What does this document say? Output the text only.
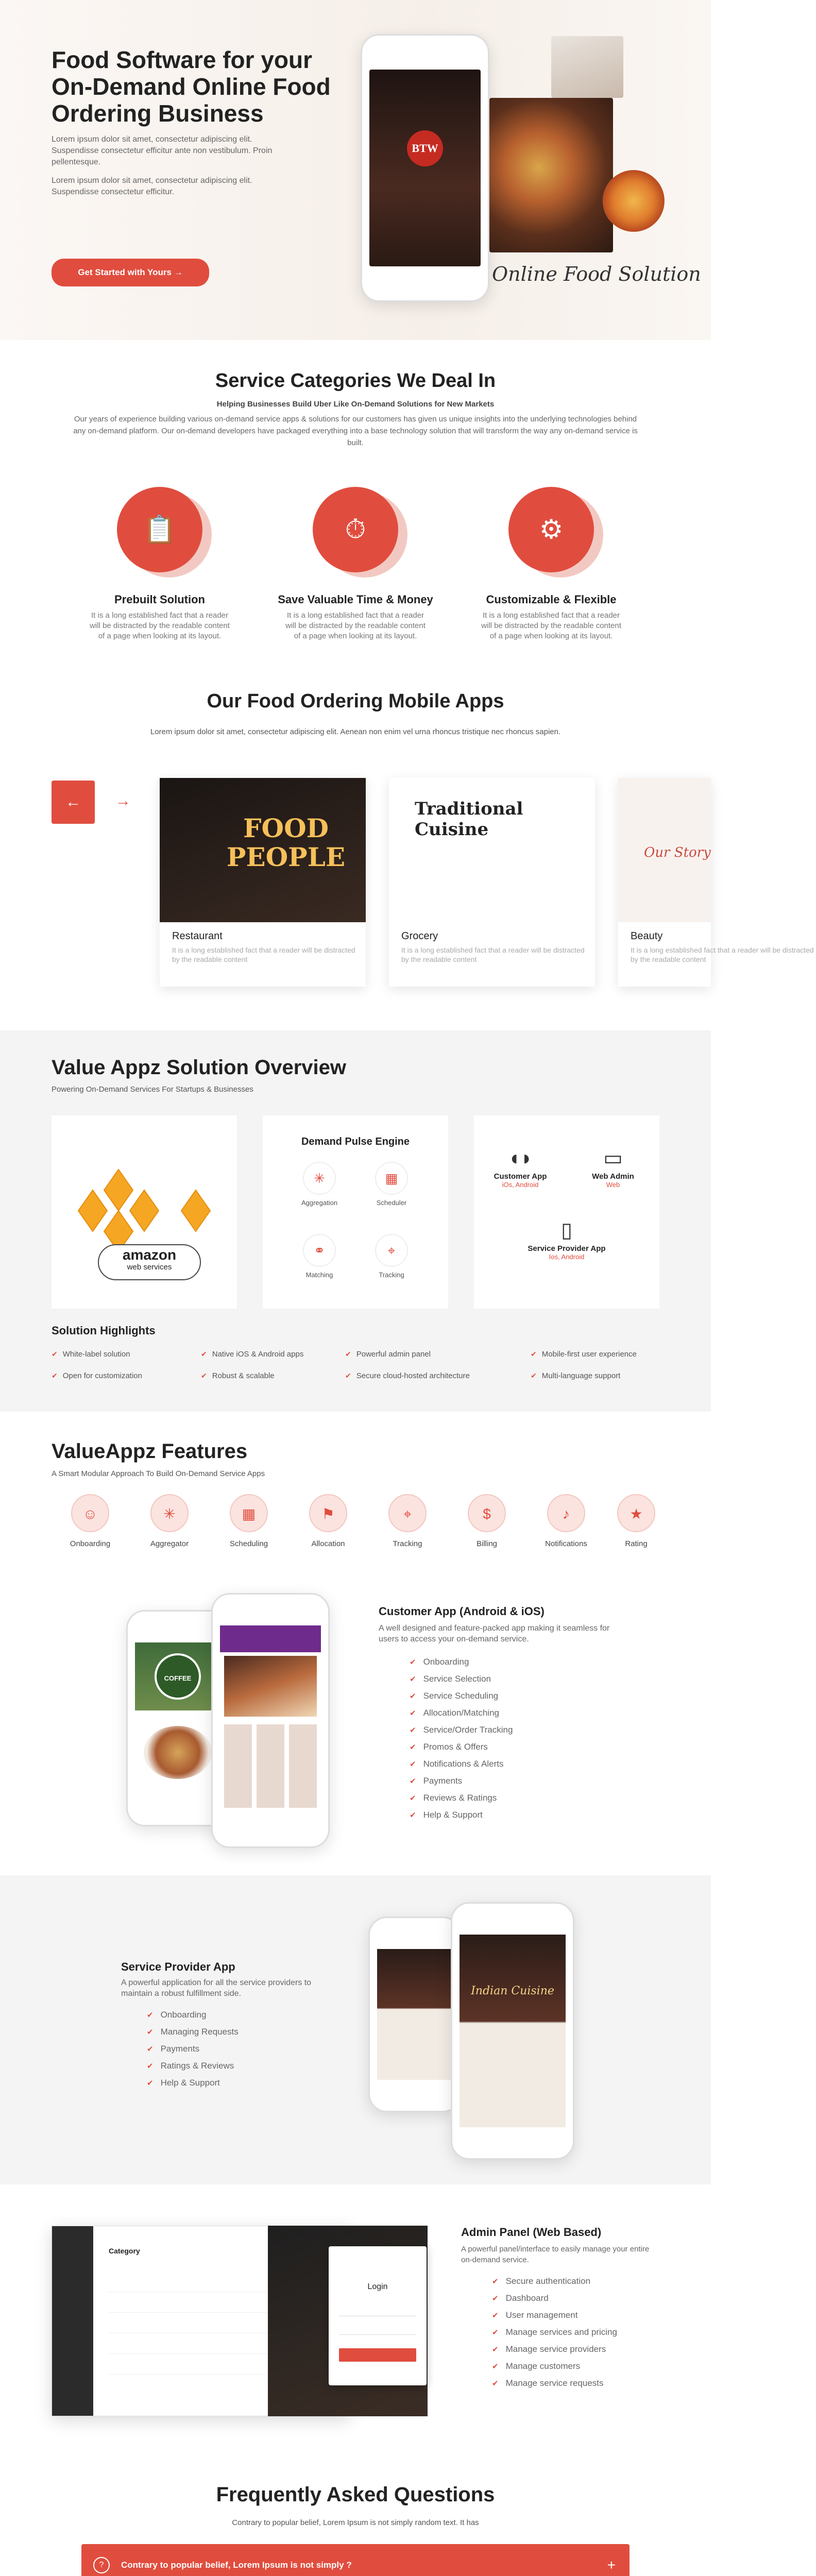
Food Software for your On-Demand Online Food Ordering Business

Lorem ipsum dolor sit amet, consectetur adipiscing elit. Suspendisse consectetur efficitur ante non vestibulum. Proin pellentesque.

Lorem ipsum dolor sit amet, consectetur adipiscing elit. Suspendisse consectetur efficitur.

Get Started with Yours →
BTW
Online Food Solution
Service Categories We Deal In
Helping Businesses Build Uber Like On-Demand Solutions for New Markets

Our years of experience building various on-demand service apps & solutions for our customers has given us unique insights into the underlying technologies behind any on-demand platform. Our on-demand developers have packaged everything into a base technology solution that will transform the way any on-demand service is built.

📋
Prebuilt Solution

It is a long established fact that a reader will be distracted by the readable content of a page when looking at its layout.

⏱
Save Valuable Time & Money

It is a long established fact that a reader will be distracted by the readable content of a page when looking at its layout.

⚙
Customizable & Flexible

It is a long established fact that a reader will be distracted by the readable content of a page when looking at its layout.

Our Food Ordering Mobile Apps

Lorem ipsum dolor sit amet, consectetur adipiscing elit. Aenean non enim vel urna rhoncus tristique nec rhoncus sapien.

←	→
FOOD PEOPLE
Restaurant

It is a long established fact that a reader will be distracted by the readable content

Traditional Cuisine
Grocery

It is a long established fact that a reader will be distracted by the readable content

Our Story
Beauty

It is a long established fact that a reader will be distracted by the readable content

Value Appz Solution Overview
Powering On-Demand Services For Startups & Businesses
amazon
web services
Demand Pulse Engine
✳
Aggregation
▦
Scheduler
⚭
Matching
⌖
Tracking
◖◗
Customer App
iOs, Android
▭
Web Admin
Web
▯
Service Provider App
Ios, Android
Solution Highlights
✔ White-label solution	✔ Native iOS & Android apps	✔ Powerful admin panel	✔ Mobile-first user experience
✔ Open for customization	✔ Robust & scalable	✔ Secure cloud-hosted architecture	✔ Multi-language support
ValueAppz Features
A Smart Modular Approach To Build On-Demand Service Apps
☺
Onboarding
✳
Aggregator
▦
Scheduling
⚑
Allocation
⌖
Tracking
$
Billing
♪
Notifications
★
Rating
COFFEE
Customer App (Android & iOS)
A well designed and feature-packed app making it seamless for users to access your on-demand service.
✔ Onboarding
✔ Service Selection
✔ Service Scheduling
✔ Allocation/Matching
✔ Service/Order Tracking
✔ Promos & Offers
✔ Notifications & Alerts
✔ Payments
✔ Reviews & Ratings
✔ Help & Support
Service Provider App
A powerful application for all the service providers to maintain a robust fulfillment side.
✔ Onboarding
✔ Managing Requests
✔ Payments
✔ Ratings & Reviews
✔ Help & Support
Indian Cuisine
Category
Login
Admin Panel (Web Based)
A powerful panel/interface to easily manage your entire on-demand service.
✔ Secure authentication
✔ Dashboard
✔ User management
✔ Manage services and pricing
✔ Manage service providers
✔ Manage customers
✔ Manage service requests
Frequently Asked Questions

Contrary to popular belief, Lorem Ipsum is not simply random text. It has

?	Contrary to popular belief, Lorem Ipsum is not simply ?	+
